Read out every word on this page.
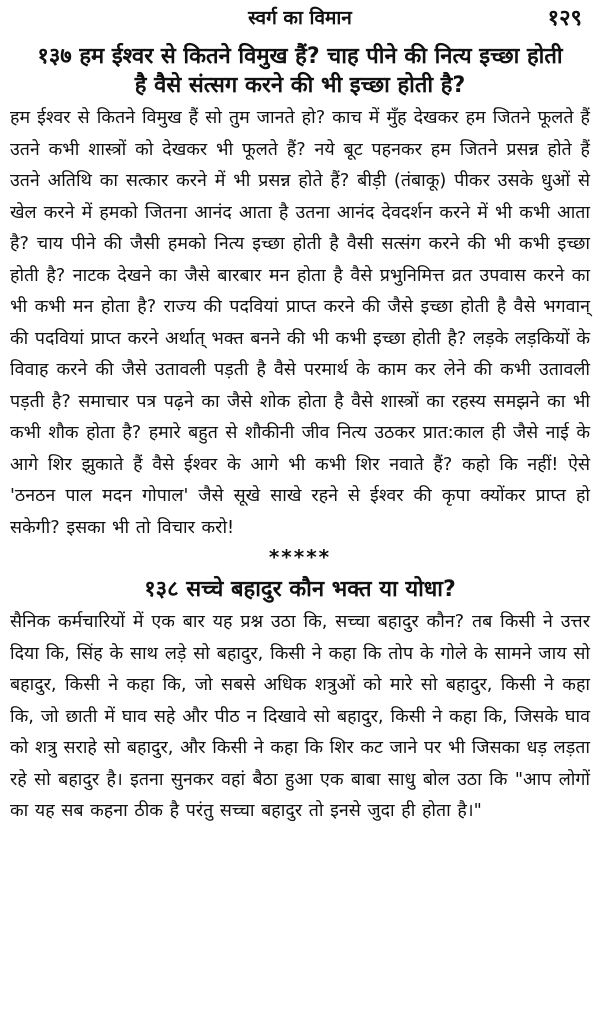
स्वर्ग का विमान	१२९
१३७ हम ईश्वर से कितने विमुख हैं? चाह पीने की नित्य इच्छा होती है वैसे संत्सग करने की भी इच्छा होती है?

हम ईश्वर से कितने विमुख हैं सो तुम जानते हो? काच में मुँह देखकर हम जितने फूलते हैं उतने कभी शास्त्रों को देखकर भी फूलते हैं? नये बूट पहनकर हम जितने प्रसन्न होते हैं उतने अतिथि का सत्कार करने में भी प्रसन्न होते हैं? बीड़ी (तंबाकू) पीकर उसके धुओं से खेल करने में हमको जितना आनंद आता है उतना आनंद देवदर्शन करने में भी कभी आता है? चाय पीने की जैसी हमको नित्य इच्छा होती है वैसी सत्संग करने की भी कभी इच्छा होती है? नाटक देखने का जैसे बारबार मन होता है वैसे प्रभुनिमित्त व्रत उपवास करने का भी कभी मन होता है? राज्य की पदवियां प्राप्त करने की जैसे इच्छा होती है वैसे भगवान् की पदवियां प्राप्त करने अर्थात् भक्त बनने की भी कभी इच्छा होती है? लड़के लड़कियों के विवाह करने की जैसे उतावली पड़ती है वैसे परमार्थ के काम कर लेने की कभी उतावली पड़ती है? समाचार पत्र पढ़ने का जैसे शोक होता है वैसे शास्त्रों का रहस्य समझने का भी कभी शौक होता है? हमारे बहुत से शौकीनी जीव नित्य उठकर प्रात:काल ही जैसे नाई के आगे शिर झुकाते हैं वैसे ईश्वर के आगे भी कभी शिर नवाते हैं? कहो कि नहीं! ऐसे 'ठनठन पाल मदन गोपाल' जैसे सूखे साखे रहने से ईश्वर की कृपा क्योंकर प्राप्त हो सकेगी? इसका भी तो विचार करो!

*****
१३८ सच्चे बहादुर कौन भक्त या योधा?

सैनिक कर्मचारियों में एक बार यह प्रश्न उठा कि, सच्चा बहादुर कौन? तब किसी ने उत्तर दिया कि, सिंह के साथ लड़े सो बहादुर, किसी ने कहा कि तोप के गोले के सामने जाय सो बहादुर, किसी ने कहा कि, जो सबसे अधिक शत्रुओं को मारे सो बहादुर, किसी ने कहा कि, जो छाती में घाव सहे और पीठ न दिखावे सो बहादुर, किसी ने कहा कि, जिसके घाव को शत्रु सराहे सो बहादुर, और किसी ने कहा कि शिर कट जाने पर भी जिसका धड़ लड़ता रहे सो बहादुर है। इतना सुनकर वहां बैठा हुआ एक बाबा साधु बोल उठा कि "आप लोगों का यह सब कहना ठीक है परंतु सच्चा बहादुर तो इनसे जुदा ही होता है।"
